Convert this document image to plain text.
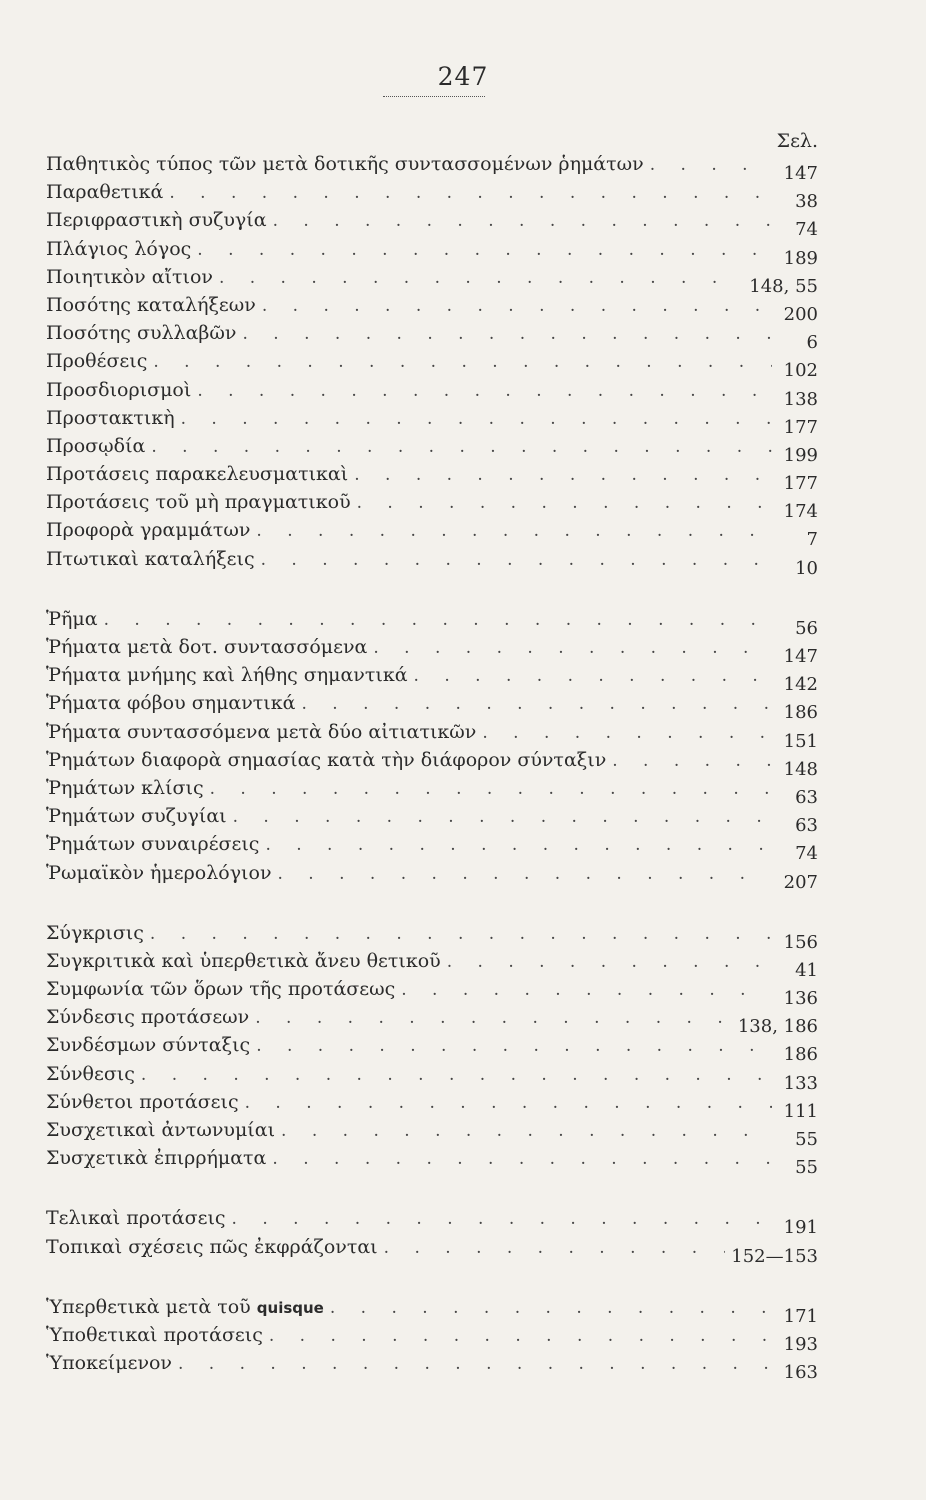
247
Σελ.
Παθητικὸς τύπος τῶν μετὰ δοτικῆς συντασσομένων ῥημάτων . . .	147
Παραθετικά . . .	38
Περιφραστικὴ συζυγία . . .	74
Πλάγιος λόγος . . .	189
Ποιητικὸν αἴτιον . . .	148, 55
Ποσότης καταλήξεων . . .	200
Ποσότης συλλαβῶν . . .	6
Προθέσεις . . .	102
Προσδιορισμοὶ . . .	138
Προστακτικὴ . . .	177
Προσῳδία . . .	199
Προτάσεις παρακελευσματικαὶ . . .	177
Προτάσεις τοῦ μὴ πραγματικοῦ . . .	174
Προφορὰ γραμμάτων . . .	7
Πτωτικαὶ καταλήξεις . . .	10
Ῥῆμα . . .	56
Ῥήματα μετὰ δοτ. συντασσόμενα . . .	147
Ῥήματα μνήμης καὶ λήθης σημαντικά . . .	142
Ῥήματα φόβου σημαντικά . . .	186
Ῥήματα συντασσόμενα μετὰ δύο αἰτιατικῶν . . .	151
Ῥημάτων διαφορὰ σημασίας κατὰ τὴν διάφορον σύνταξιν . . .	148
Ῥημάτων κλίσις . . .	63
Ῥημάτων συζυγίαι . . .	63
Ῥημάτων συναιρέσεις . . .	74
Ῥωμαϊκὸν ἡμερολόγιον . . .	207
Σύγκρισις . . .	156
Συγκριτικὰ καὶ ὑπερθετικὰ ἄνευ θετικοῦ . . .	41
Συμφωνία τῶν ὅρων τῆς προτάσεως . . .	136
Σύνδεσις προτάσεων . . .	138, 186
Συνδέσμων σύνταξις . . .	186
Σύνθεσις . . .	133
Σύνθετοι προτάσεις . . .	111
Συσχετικαὶ ἀντωνυμίαι . . .	55
Συσχετικὰ ἐπιρρήματα . . .	55
Τελικαὶ προτάσεις . . .	191
Τοπικαὶ σχέσεις πῶς ἐκφράζονται . . .	152—153
Ὑπερθετικὰ μετὰ τοῦ quisque . . .	171
Ὑποθετικαὶ προτάσεις . . .	193
Ὑποκείμενον . . .	163
